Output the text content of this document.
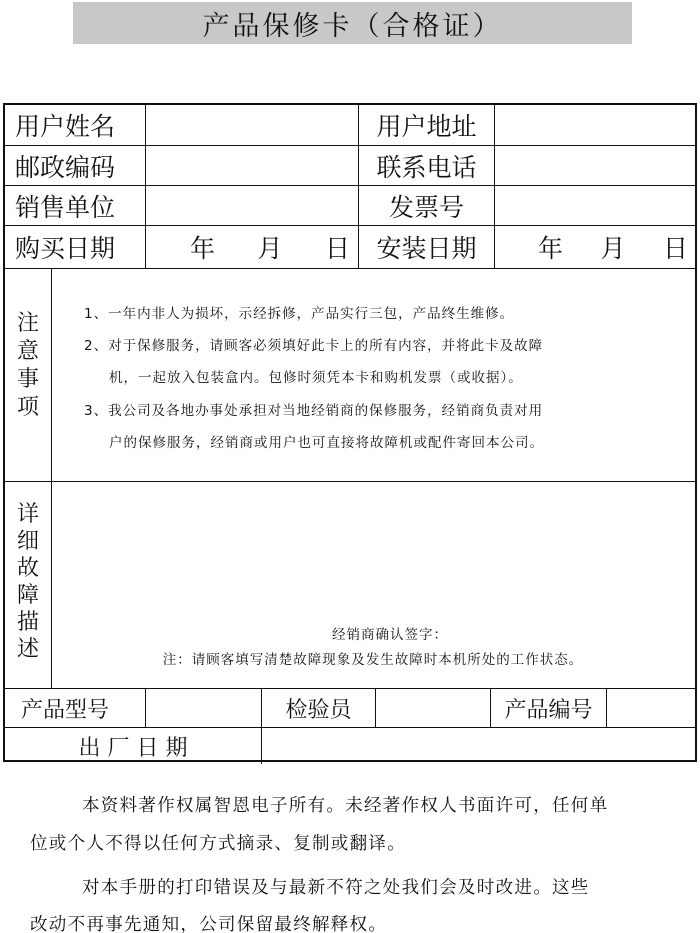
产品保修卡（合格证）
用户姓名	用户地址
邮政编码	联系电话
销售单位	发票号
购买日期	年 月 日	安装日期	年 月 日
注
意
事
项

1、一年内非人为损坏，示经拆修，产品实行三包，产品终生维修。

2、对于保修服务，请顾客必须填好此卡上的所有内容，并将此卡及故障

机，一起放入包装盒内。包修时须凭本卡和购机发票（或收据）。

3、我公司及各地办事处承担对当地经销商的保修服务，经销商负责对用

户的保修服务，经销商或用户也可直接将故障机或配件寄回本公司。

详
细
故
障
描
述
经销商确认签字：
注：请顾客填写清楚故障现象及发生故障时本机所处的工作状态。
产品型号	检验员	产品编号
出 厂 日 期
本资料著作权属智恩电子所有。未经著作权人书面许可，任何单
位或个人不得以任何方式摘录、复制或翻译。
对本手册的打印错误及与最新不符之处我们会及时改进。这些
改动不再事先通知，公司保留最终解释权。
